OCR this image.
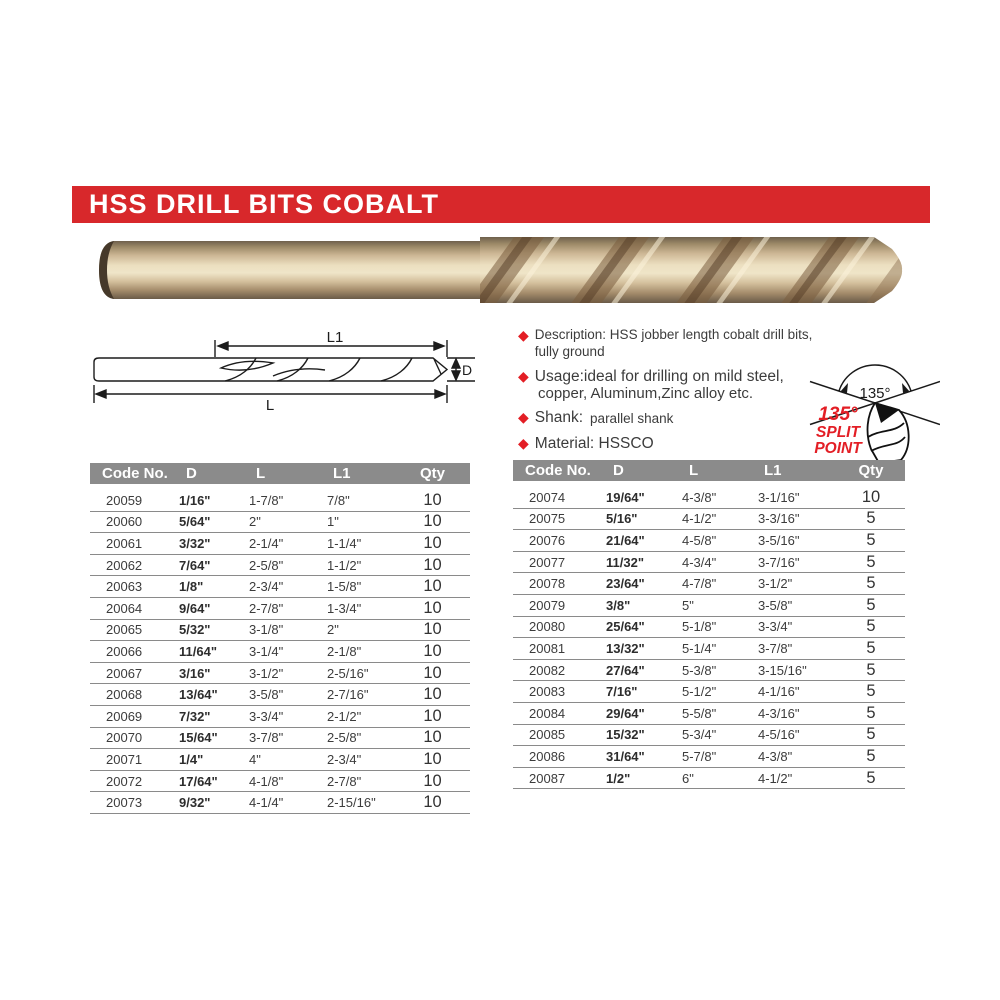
HSS DRILL BITS COBALT
L1
D
L
◆ Description: HSS jobber length cobalt drill bits, fully ground
◆ Usage:ideal for drilling on mild steel,
copper, Aluminum,Zinc alloy etc.
◆ Shank: parallel shank
◆ Material: HSSCO
135°
135°
SPLIT
POINT
Code No.	D	L	L1	Qty
20059	1/16"	1-7/8"	7/8"	10
20060	5/64"	2"	1"	10
20061	3/32"	2-1/4"	1-1/4"	10
20062	7/64"	2-5/8"	1-1/2"	10
20063	1/8"	2-3/4"	1-5/8"	10
20064	9/64"	2-7/8"	1-3/4"	10
20065	5/32"	3-1/8"	2"	10
20066	11/64"	3-1/4"	2-1/8"	10
20067	3/16"	3-1/2"	2-5/16"	10
20068	13/64"	3-5/8"	2-7/16"	10
20069	7/32"	3-3/4"	2-1/2"	10
20070	15/64"	3-7/8"	2-5/8"	10
20071	1/4"	4"	2-3/4"	10
20072	17/64"	4-1/8"	2-7/8"	10
20073	9/32"	4-1/4"	2-15/16"	10
Code No.	D	L	L1	Qty
20074	19/64"	4-3/8"	3-1/16"	10
20075	5/16"	4-1/2"	3-3/16"	5
20076	21/64"	4-5/8"	3-5/16"	5
20077	11/32"	4-3/4"	3-7/16"	5
20078	23/64"	4-7/8"	3-1/2"	5
20079	3/8"	5"	3-5/8"	5
20080	25/64"	5-1/8"	3-3/4"	5
20081	13/32"	5-1/4"	3-7/8"	5
20082	27/64"	5-3/8"	3-15/16"	5
20083	7/16"	5-1/2"	4-1/16"	5
20084	29/64"	5-5/8"	4-3/16"	5
20085	15/32"	5-3/4"	4-5/16"	5
20086	31/64"	5-7/8"	4-3/8"	5
20087	1/2"	6"	4-1/2"	5
